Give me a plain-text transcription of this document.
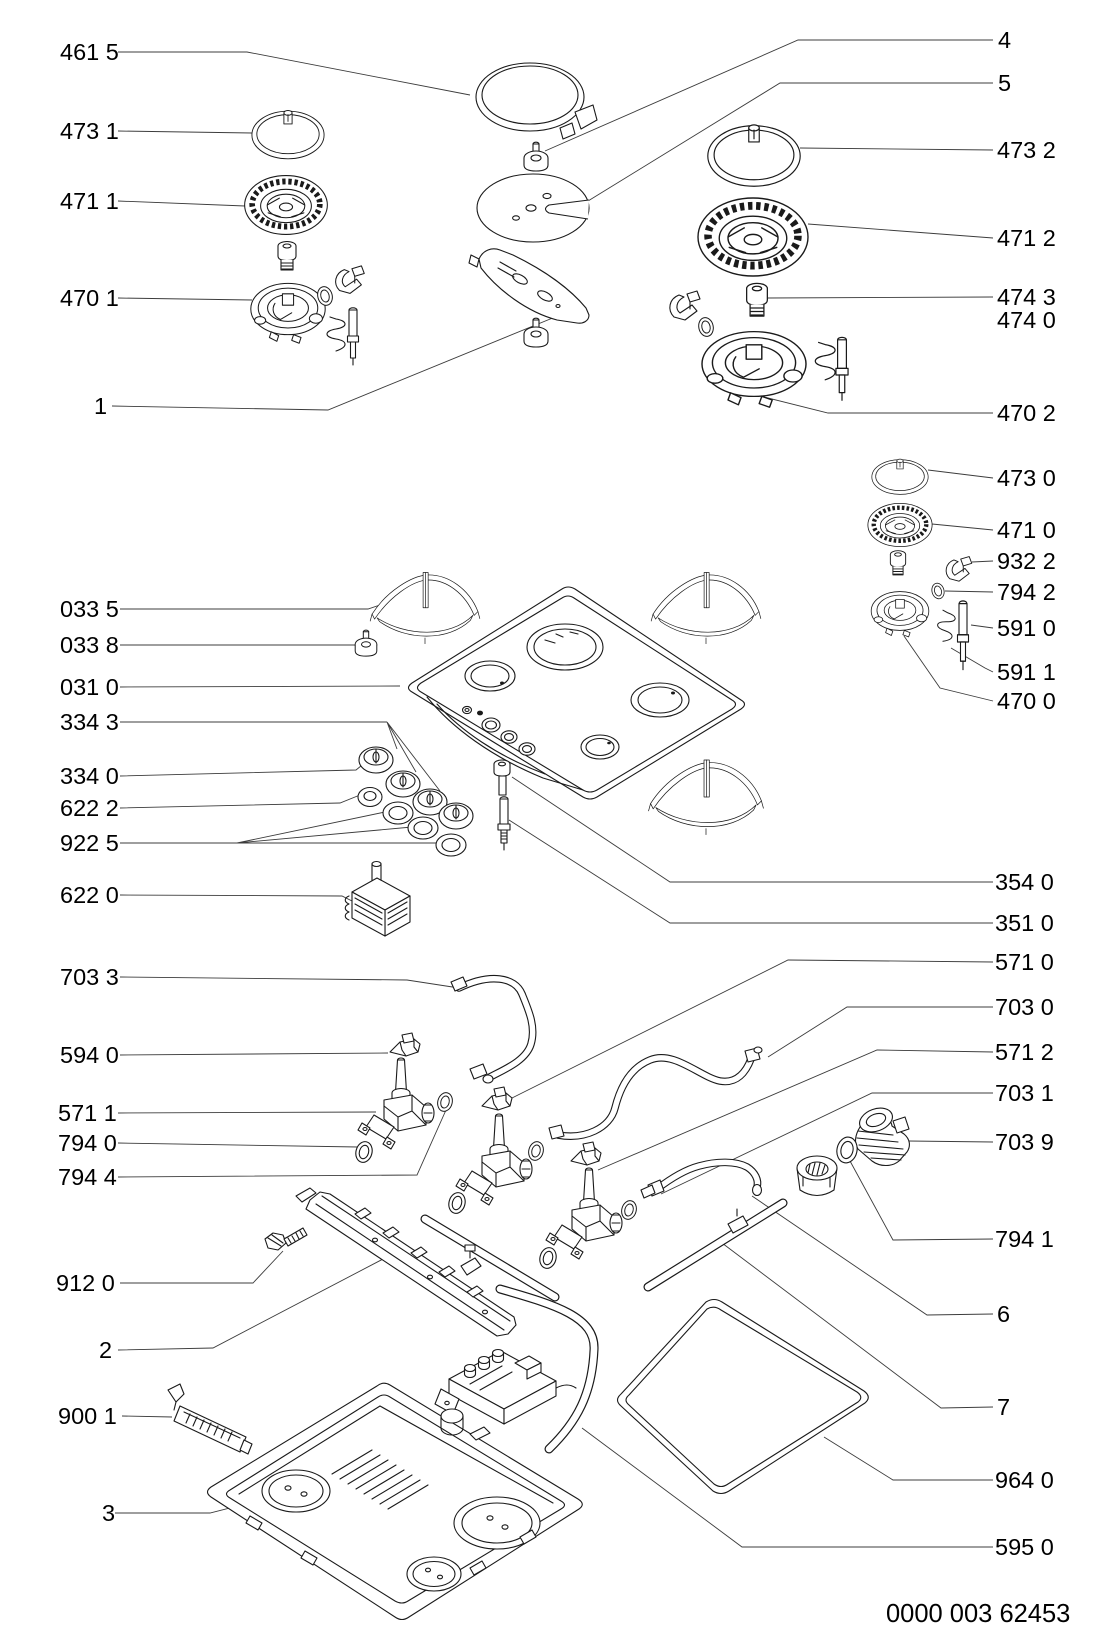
461 5
473 1
471 1
470 1
1
033 5
033 8
031 0
334 3
334 0
622 2
922 5
622 0
703 3
594 0
571 1
794 0
794 4
912 0
2
900 1
3
4
5
473 2
471 2
474 3
474 0
470 2
473 0
471 0
932 2
794 2
591 0
591 1
470 0
354 0
351 0
571 0
703 0
571 2
703 1
703 9
794 1
6
7
964 0
595 0
0000 003 62453
